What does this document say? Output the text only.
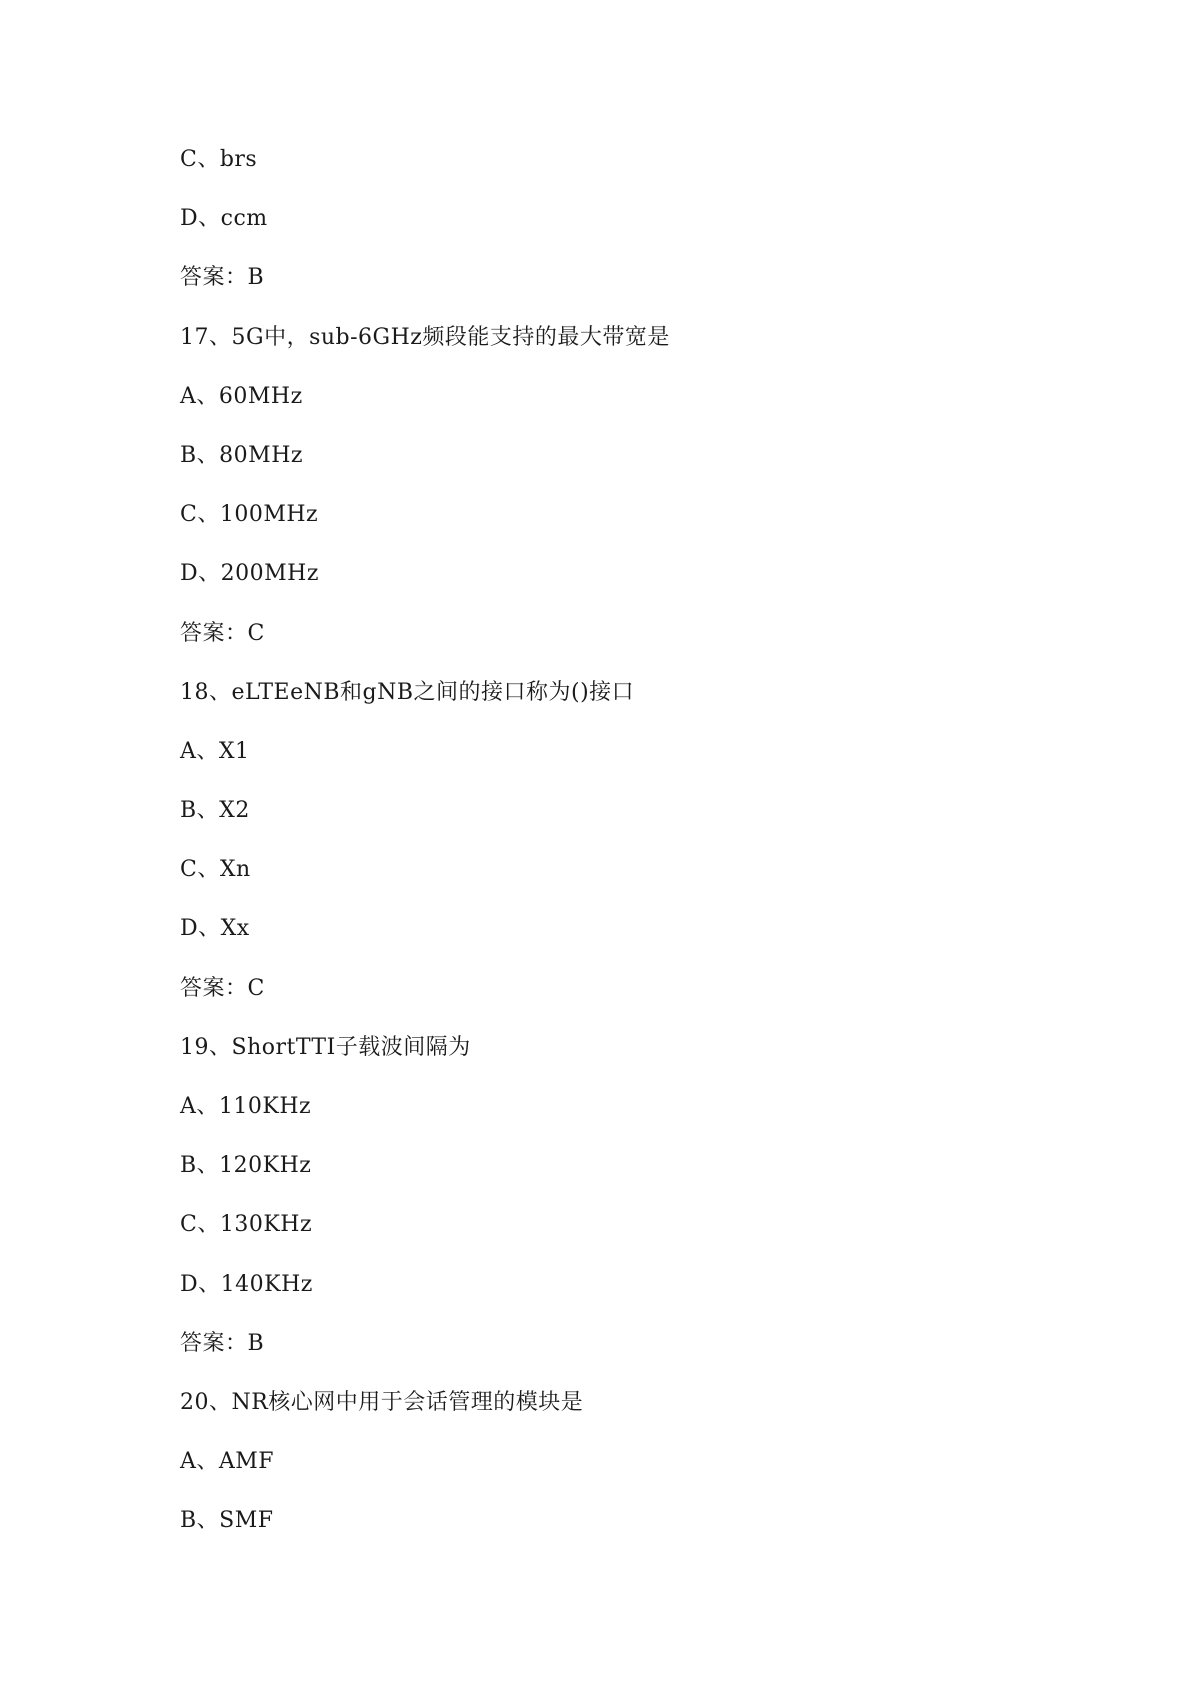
C、brs
D、ccm
答案：B
17、5G中，sub-6GHz频段能支持的最大带宽是
A、60MHz
B、80MHz
C、100MHz
D、200MHz
答案：C
18、eLTEeNB和gNB之间的接口称为()接口
A、X1
B、X2
C、Xn
D、Xx
答案：C
19、ShortTTI子载波间隔为
A、110KHz
B、120KHz
C、130KHz
D、140KHz
答案：B
20、NR核心网中用于会话管理的模块是
A、AMF
B、SMF
